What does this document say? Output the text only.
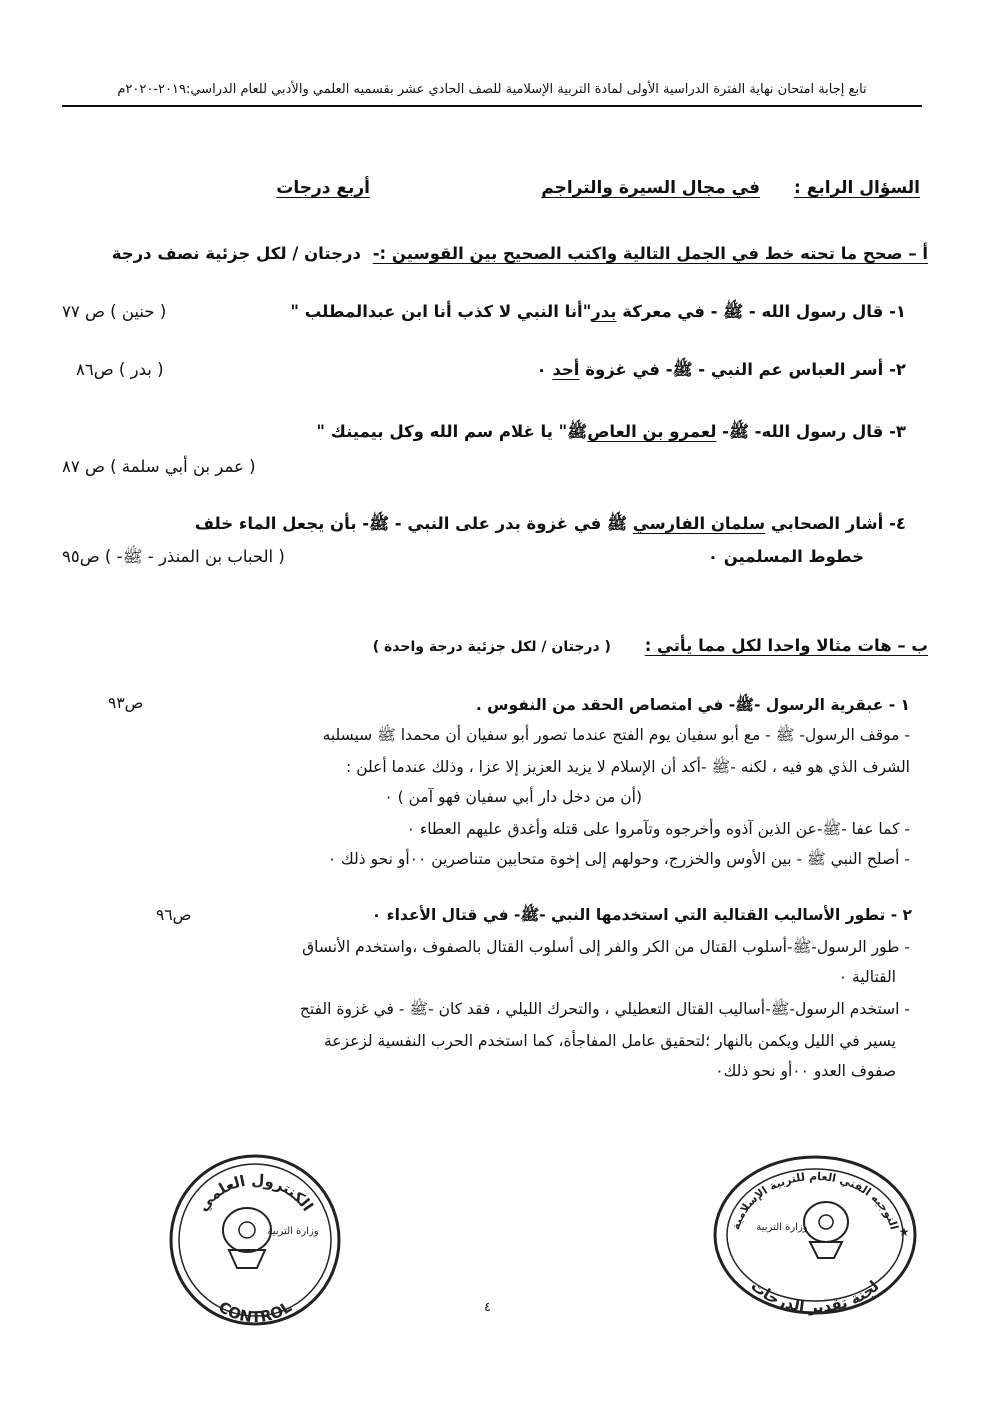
تابع إجابة امتحان نهاية الفترة الدراسية الأولى لمادة التربية الإسلامية للصف الحادي عشر بقسميه العلمي والأدبي للعام الدراسي:٢٠١٩-٢٠٢٠م
السؤال الرابع :
في مجال السيرة والتراجم
أربع درجات
أ – صحح ما تحته خط في الجمل التالية واكتب الصحيح بين القوسين :- درجتان / لكل جزئية نصف درجة
١- قال رسول الله - ﷺ - في معركة بدر"أنا النبي لا كذب أنا ابن عبدالمطلب "
( حنين ) ص ٧٧
٢- أسر العباس عم النبي - ﷺ- في غزوة أحد ٠
( بدر ) ص٨٦
٣- قال رسول الله- ﷺ- لعمرو بن العاصﷺ" يا غلام سم الله وكل بيمينك "
( عمر بن أبي سلمة ) ص ٨٧
٤- أشار الصحابي سلمان الفارسي ﷺ في غزوة بدر على النبي - ﷺ- بأن يجعل الماء خلف
خطوط المسلمين ٠
( الحباب بن المنذر - ﷺ- ) ص٩٥
ب – هات مثالا واحدا لكل مما يأتي : ( درجتان / لكل جزئية درجة واحدة )
١ - عبقرية الرسول -ﷺ- في امتصاص الحقد من النفوس .
ص٩٣
- موقف الرسول- ﷺ - مع أبو سفيان يوم الفتح عندما تصور أبو سفيان أن محمدا ﷺ سيسلبه
الشرف الذي هو فيه ، لكنه -ﷺ -أكد أن الإسلام لا يزيد العزيز إلا عزا ، وذلك عندما أعلن :
(أن من دخل دار أبي سفيان فهو آمن ) ٠
- كما عفا -ﷺ-عن الذين آذوه وأخرجوه وتآمروا على قتله وأغدق عليهم العطاء ٠
- أصلح النبي ﷺ - بين الأوس والخزرج، وحولهم إلى إخوة متحابين متناصرين ٠٠أو نحو ذلك ٠
٢ - تطور الأساليب القتالية التي استخدمها النبي -ﷺ- في قتال الأعداء ٠
ص٩٦
- طور الرسول-ﷺ-أسلوب القتال من الكر والفر إلى أسلوب القتال بالصفوف ،واستخدم الأنساق
القتالية ٠
- استخدم الرسول-ﷺ-أساليب القتال التعطيلي ، والتحرك الليلي ، فقد كان -ﷺ - في غزوة الفتح
يسير في الليل ويكمن بالنهار ؛لتحقيق عامل المفاجأة، كما استخدم الحرب النفسية لزعزعة
صفوف العدو ٠٠أو نحو ذلك٠
الكنترول العلمي
وزارة التربية
CONTROL	٤
التوجيه الفني العام للتربية الإسلامية
وزارة التربية	★
لجنة تقدير الدرجات
